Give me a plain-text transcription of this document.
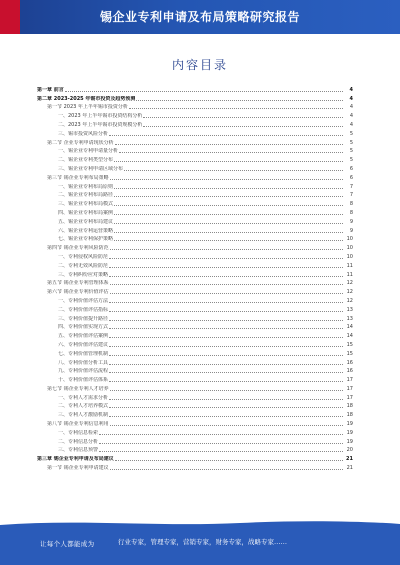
锡企业专利申请及布局策略研究报告
内容目录
第一章 前言	4
第二章 2023-2025 年锡市投资及趋势预测	4
第一节 2023 年上半年锡市投资分析	4
一、2023 年上半年锡市投资结构分析	4
二、2023 年上半年锡市投资规模分析	4
三、锡市投资风险分析	5
第二节 企业专利申请现状分析	5
一、锡企业专利申请量分析	5
二、锡企业专利类型分布	5
三、锡企业专利申请区域分布	6
第三节 锡企业专利布局策略	6
一、锡企业专利布局原则	7
二、锡企业专利布局路径	7
三、锡企业专利布局模式	8
四、锡企业专利布局案例	8
五、锡企业专利布局建议	9
六、锡企业专利运营策略	9
七、锡企业专利保护策略	10
第四节 锡企业专利风险防范	10
一、专利侵权风险防范	10
二、专利无效风险防范	11
三、专利纠纷应对策略	11
第五节 锡企业专利管理体系	12
第六节 锡企业专利价值评估	12
一、专利价值评估方法	12
二、专利价值评估指标	13
三、专利价值提升路径	13
四、专利价值实现方式	14
五、专利价值评估案例	14
六、专利价值评估建议	15
七、专利价值管理机制	15
八、专利价值分析工具	16
九、专利价值评估流程	16
十、专利价值评估体系	17
第七节 锡企业专利人才培养	17
一、专利人才需求分析	17
二、专利人才培养模式	18
三、专利人才激励机制	18
第八节 锡企业专利信息利用	19
一、专利信息检索	19
二、专利信息分析	19
三、专利信息预警	20
第三章 锡企业专利申请及布局建议	21
第一节 锡企业专利申请建议	21
让每个人都能成为	行业专家，管理专家，营销专家，财务专家，战略专家……
